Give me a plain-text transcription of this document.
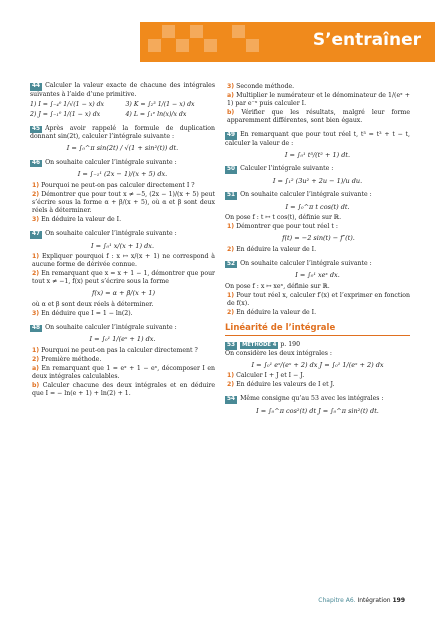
S’entraîner
44 Calculer la valeur exacte de chacune des intégrales suivantes à l’aide d’une primitive.
1) I = ∫₋₄⁰ 1/√(1 − x) dx	3) K = ∫₂³ 1/(1 − x) dx
2) J = ∫₋₁⁰ 1/(1 − x) dx	4) L = ∫₁ᵉ ln(x)/x dx
45 Après avoir rappelé la formule de duplication donnant sin(2t), calculer l’intégrale suivante :
I = ∫₀^π sin(2t) / √(1 + sin²(t)) dt.
46 On souhaite calculer l’intégrale suivante :
I = ∫₋₁¹ (2x − 1)/(x + 5) dx.
1) Pourquoi ne peut-on pas calculer directement I ?
2) Démontrer que pour tout x ≠ −5, (2x − 1)/(x + 5) peut s’écrire sous la forme α + β/(x + 5), où α et β sont deux réels à déterminer.
3) En déduire la valeur de I.
47 On souhaite calculer l’intégrale suivante :
I = ∫₀¹ x/(x + 1) dx.
1) Expliquer pourquoi f : x ↦ x/(x + 1) ne correspond à aucune forme de dérivée connue.
2) En remarquant que x = x + 1 − 1, démontrer que pour tout x ≠ −1, f(x) peut s’écrire sous la forme
f(x) = α + β/(x + 1)
où α et β sont deux réels à déterminer.
3) En déduire que I = 1 − ln(2).
48 On souhaite calculer l’intégrale suivante :
I = ∫₀¹ 1/(eˣ + 1) dx.
1) Pourquoi ne peut-on pas la calculer directement ?
2) Première méthode.
a) En remarquant que 1 = eˣ + 1 − eˣ, décomposer I en deux intégrales calculables.
b) Calculer chacune des deux intégrales et en déduire que I = − ln(e + 1) + ln(2) + 1.
3) Seconde méthode.
a) Multiplier le numérateur et le dénominateur de 1/(eˣ + 1) par e⁻ˣ puis calculer I.
b) Vérifier que les résultats, malgré leur forme apparemment différentes, sont bien égaux.
49 En remarquant que pour tout réel t, t³ = t³ + t − t, calculer la valeur de :
I = ∫₀¹ t³/(t² + 1) dt.
50 Calculer l’intégrale suivante :
I = ∫₁² (3u² + 2u − 1)/u du.
51 On souhaite calculer l’intégrale suivante :
I = ∫₀^π t cos(t) dt.
On pose f : t ↦ t cos(t), définie sur ℝ.
1) Démontrer que pour tout réel t :
f(t) = −2 sin(t) − f″(t).
2) En déduire la valeur de I.
52 On souhaite calculer l’intégrale suivante :
I = ∫₀¹ xeˣ dx.
On pose f : x ↦ xeˣ, définie sur ℝ.
1) Pour tout réel x, calculer f′(x) et l’exprimer en fonction de f(x).
2) En déduire la valeur de I.
Linéarité de l’intégrale
53 MÉTHODE 4 p. 190
On considère les deux intégrales :
I = ∫₀¹ eˣ/(eˣ + 2) dx J = ∫₀¹ 1/(eˣ + 2) dx
1) Calculer I + J et I − J.
2) En déduire les valeurs de I et J.
54 Même consigne qu’au 53 avec les intégrales :
I = ∫₀^π cos²(t) dt J = ∫₀^π sin²(t) dt.
Chapitre A6. Intégration 199
